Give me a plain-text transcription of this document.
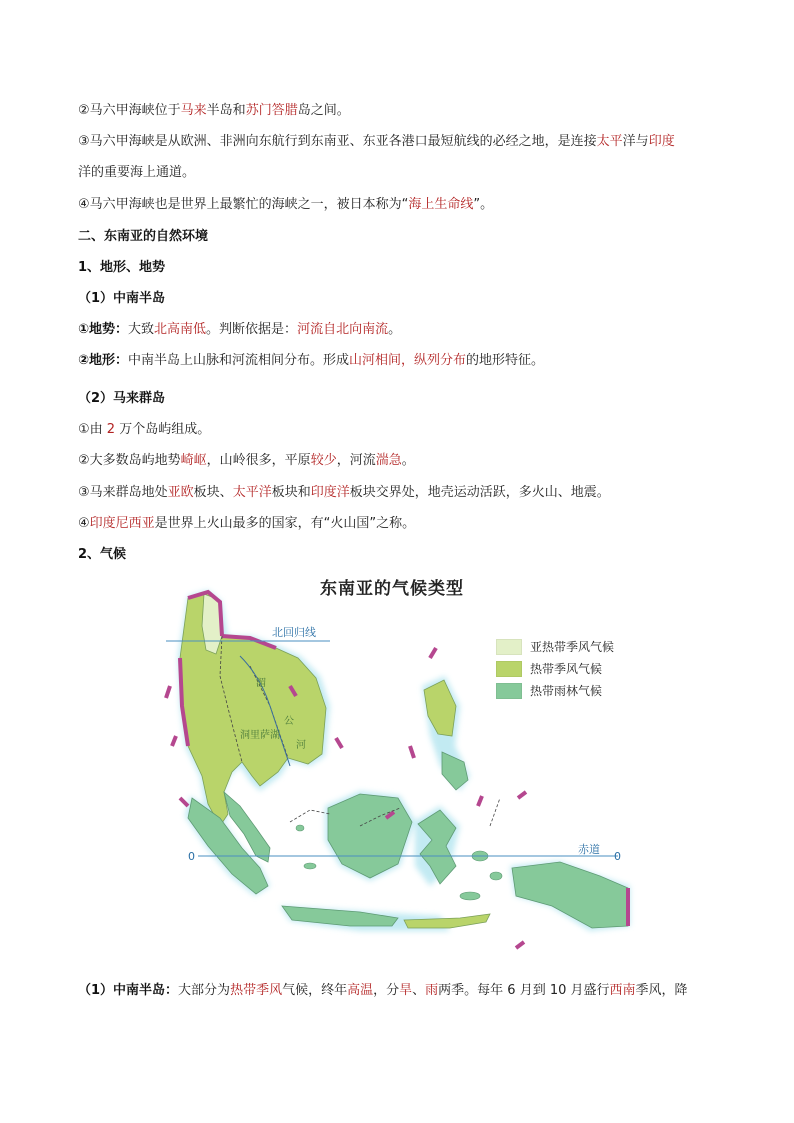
②马六甲海峡位于马来半岛和苏门答腊岛之间。
③马六甲海峡是从欧洲、非洲向东航行到东南亚、东亚各港口最短航线的必经之地，是连接太平洋与印度
洋的重要海上通道。
④马六甲海峡也是世界上最繁忙的海峡之一，被日本称为“海上生命线”。
二、东南亚的自然环境
1、地形、地势
（1）中南半岛
①地势：大致北高南低。判断依据是：河流自北向南流。
②地形：中南半岛上山脉和河流相间分布。形成山河相间，纵列分布的地形特征。
（2）马来群岛
①由 2 万个岛屿组成。
②大多数岛屿地势崎岖，山岭很多，平原较少，河流湍急。
③马来群岛地处亚欧板块、太平洋板块和印度洋板块交界处，地壳运动活跃，多火山、地震。
④印度尼西亚是世界上火山最多的国家，有“火山国”之称。
2、气候
东南亚的气候类型
北回归线
0	0
赤道
湄
公
洞里萨湖
河
亚热带季风气候
热带季风气候
热带雨林气候
（1）中南半岛：大部分为热带季风气候，终年高温，分旱、雨两季。每年 6 月到 10 月盛行西南季风，降
